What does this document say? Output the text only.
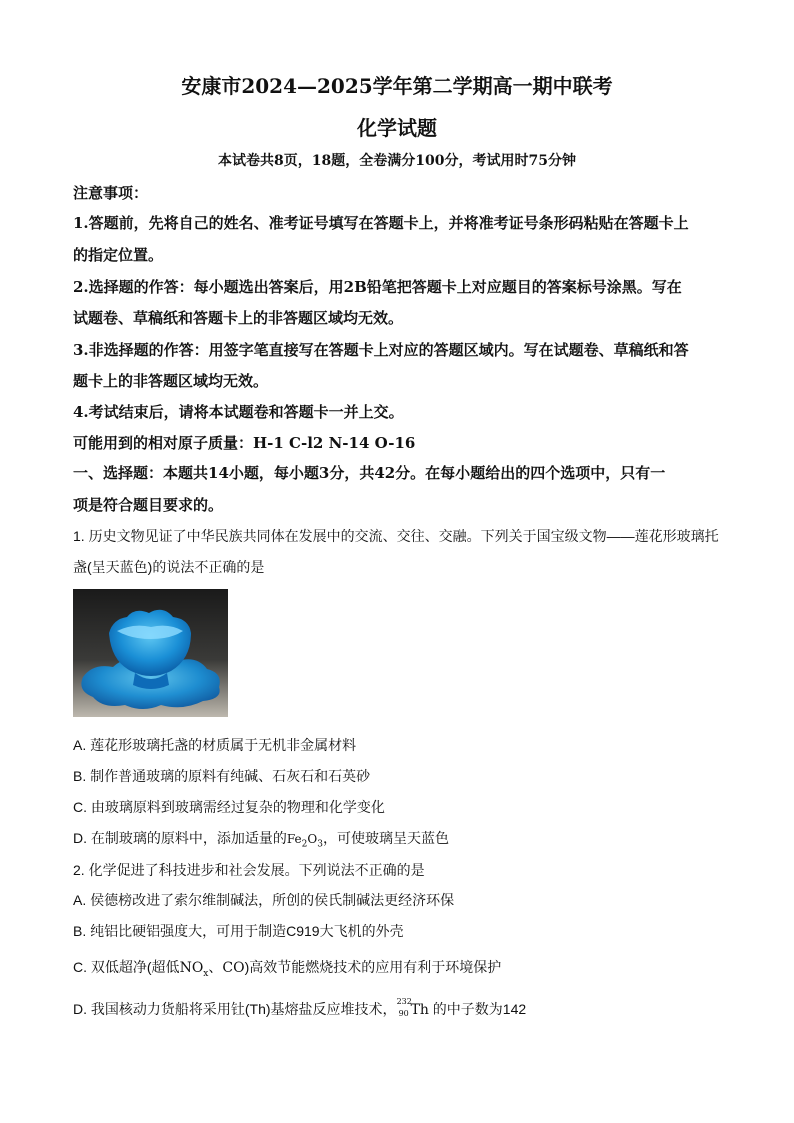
安康市2024—2025学年第二学期高一期中联考
化学试题
本试卷共8页，18题，全卷满分100分，考试用时75分钟
注意事项：
1.答题前，先将自己的姓名、准考证号填写在答题卡上，并将准考证号条形码粘贴在答题卡上
的指定位置。
2.选择题的作答：每小题选出答案后，用2B铅笔把答题卡上对应题目的答案标号涂黑。写在
试题卷、草稿纸和答题卡上的非答题区域均无效。
3.非选择题的作答：用签字笔直接写在答题卡上对应的答题区域内。写在试题卷、草稿纸和答
题卡上的非答题区域均无效。
4.考试结束后，请将本试题卷和答题卡一并上交。
可能用到的相对原子质量：H-1 C-l2 N-14 O-16
一、选择题：本题共14小题，每小题3分，共42分。在每小题给出的四个选项中，只有一
项是符合题目要求的。
1. 历史文物见证了中华民族共同体在发展中的交流、交往、交融。下列关于国宝级文物——莲花形玻璃托
盏(呈天蓝色)的说法不正确的是
A. 莲花形玻璃托盏的材质属于无机非金属材料
B. 制作普通玻璃的原料有纯碱、石灰石和石英砂
C. 由玻璃原料到玻璃需经过复杂的物理和化学变化
D. 在制玻璃的原料中，添加适量的$Fe_2O_3$，可使玻璃呈天蓝色
2. 化学促进了科技进步和社会发展。下列说法不正确的是
A. 侯德榜改进了索尔维制碱法，所创的侯氏制碱法更经济环保
B. 纯铝比硬铝强度大，可用于制造C919大飞机的外壳
C. 双低超净(超低$NO_x$、CO)高效节能燃烧技术的应用有利于环境保护
D. 我国核动力货船将采用钍(Th)基熔盐反应堆技术， 232
90 Th 的中子数为142
